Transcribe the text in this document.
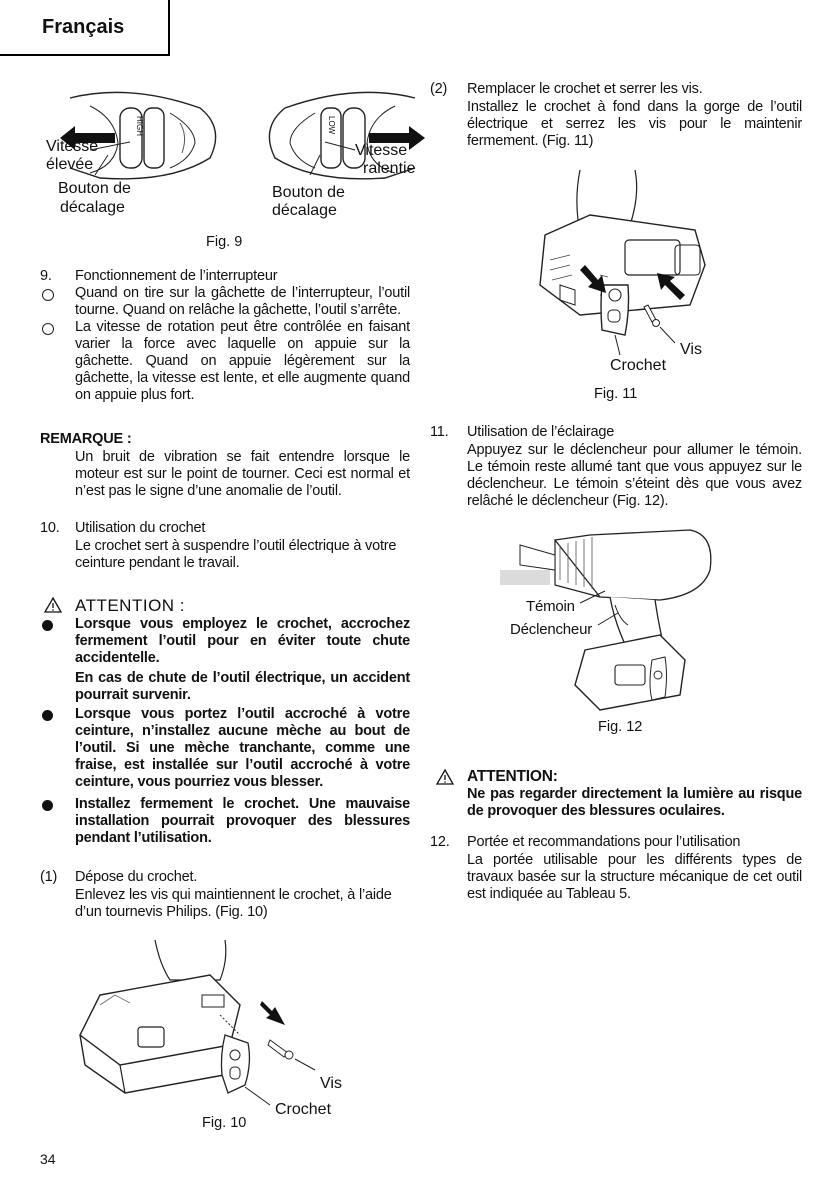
Français
HIGH	LOW
Vitesse
élevée
Vitesse
ralentie
Bouton de
décalage
Bouton de
décalage
Fig. 9
9. Fonctionnement de l’interrupteur
Quand on tire sur la gâchette de l’interrupteur, l’outil tourne. Quand on relâche la gâchette, l’outil s’arrête.
La vitesse de rotation peut être contrôlée en faisant varier la force avec laquelle on appuie sur la gâchette. Quand on appuie légèrement sur la gâchette, la vitesse est lente, et elle augmente quand on appuie plus fort.
REMARQUE :
Un bruit de vibration se fait entendre lorsque le moteur est sur le point de tourner. Ceci est normal et n’est pas le signe d’une anomalie de l’outil.
10. Utilisation du crochet
Le crochet sert à suspendre l’outil électrique à votre ceinture pendant le travail.
ATTENTION :
Lorsque vous employez le crochet, accrochez fermement l’outil pour en éviter toute chute accidentelle.
En cas de chute de l’outil électrique, un accident pourrait survenir.
Lorsque vous portez l’outil accroché à votre ceinture, n’installez aucune mèche au bout de l’outil. Si une mèche tranchante, comme une fraise, est installée sur l’outil accroché à votre ceinture, vous pourriez vous blesser.
Installez fermement le crochet. Une mauvaise installation pourrait provoquer des blessures pendant l’utilisation.
(1) Dépose du crochet.
Enlevez les vis qui maintiennent le crochet, à l’aide d’un tournevis Philips. (Fig. 10)
Vis
Crochet
Fig. 10
(2) Remplacer le crochet et serrer les vis.
Installez le crochet à fond dans la gorge de l’outil électrique et serrez les vis pour le maintenir fermement. (Fig. 11)
Vis
Crochet
Fig. 11
11. Utilisation de l’éclairage
Appuyez sur le déclencheur pour allumer le témoin. Le témoin reste allumé tant que vous appuyez sur le déclencheur. Le témoin s’éteint dès que vous avez relâché le déclencheur (Fig. 12).
Témoin
Déclencheur
Fig. 12
ATTENTION:
Ne pas regarder directement la lumière au risque de provoquer des blessures oculaires.
12. Portée et recommandations pour l’utilisation
La portée utilisable pour les différents types de travaux basée sur la structure mécanique de cet outil est indiquée au Tableau 5.
34
